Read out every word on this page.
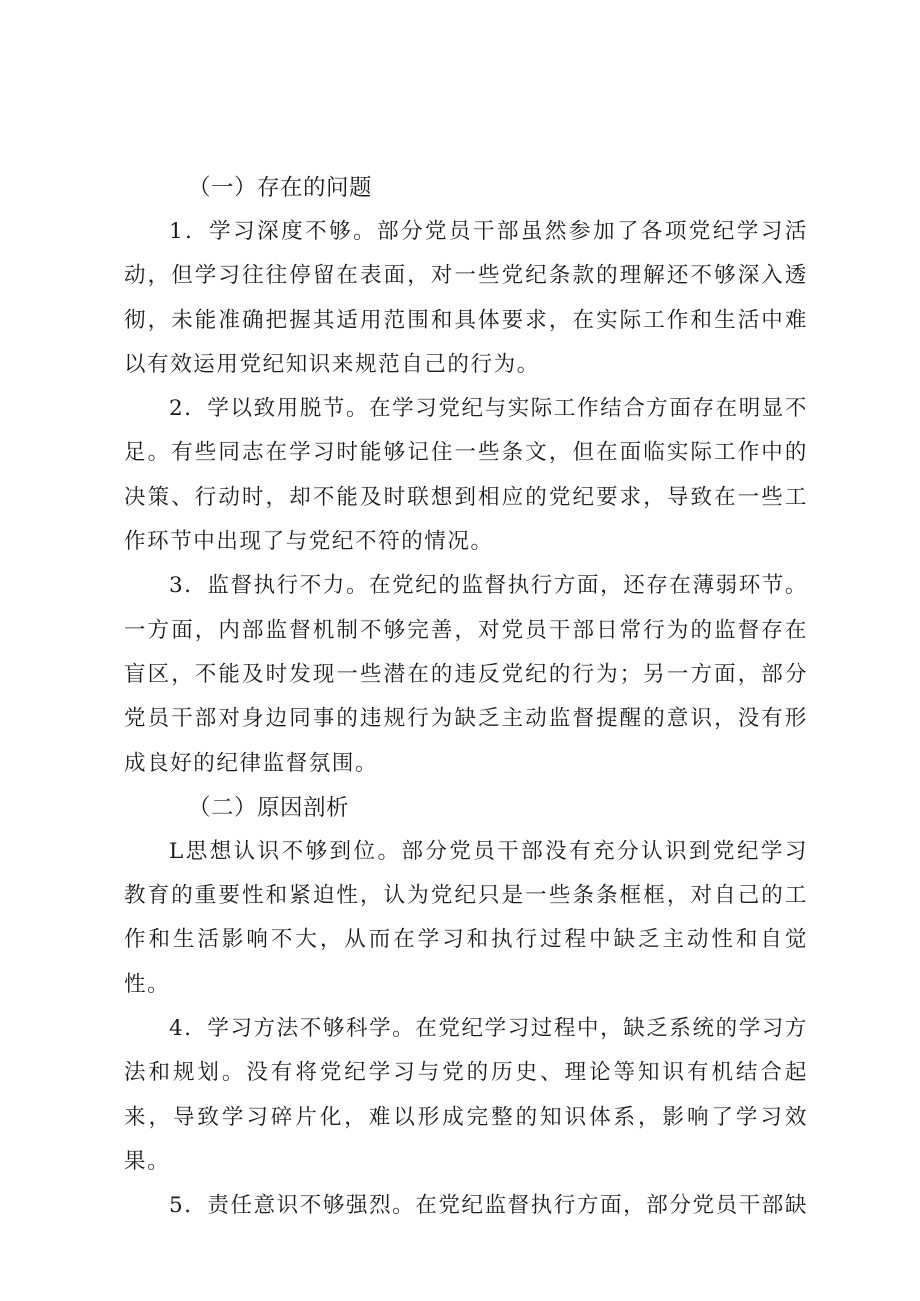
（一）存在的问题

1．学习深度不够。部分党员干部虽然参加了各项党纪学习活动，但学习往往停留在表面，对一些党纪条款的理解还不够深入透彻，未能准确把握其适用范围和具体要求，在实际工作和生活中难以有效运用党纪知识来规范自己的行为。

2．学以致用脱节。在学习党纪与实际工作结合方面存在明显不足。有些同志在学习时能够记住一些条文，但在面临实际工作中的决策、行动时，却不能及时联想到相应的党纪要求，导致在一些工作环节中出现了与党纪不符的情况。

3．监督执行不力。在党纪的监督执行方面，还存在薄弱环节。一方面，内部监督机制不够完善，对党员干部日常行为的监督存在盲区，不能及时发现一些潜在的违反党纪的行为；另一方面，部分党员干部对身边同事的违规行为缺乏主动监督提醒的意识，没有形成良好的纪律监督氛围。

（二）原因剖析

L思想认识不够到位。部分党员干部没有充分认识到党纪学习教育的重要性和紧迫性，认为党纪只是一些条条框框，对自己的工作和生活影响不大，从而在学习和执行过程中缺乏主动性和自觉性。

4．学习方法不够科学。在党纪学习过程中，缺乏系统的学习方法和规划。没有将党纪学习与党的历史、理论等知识有机结合起来，导致学习碎片化，难以形成完整的知识体系，影响了学习效果。

5．责任意识不够强烈。在党纪监督执行方面，部分党员干部缺
